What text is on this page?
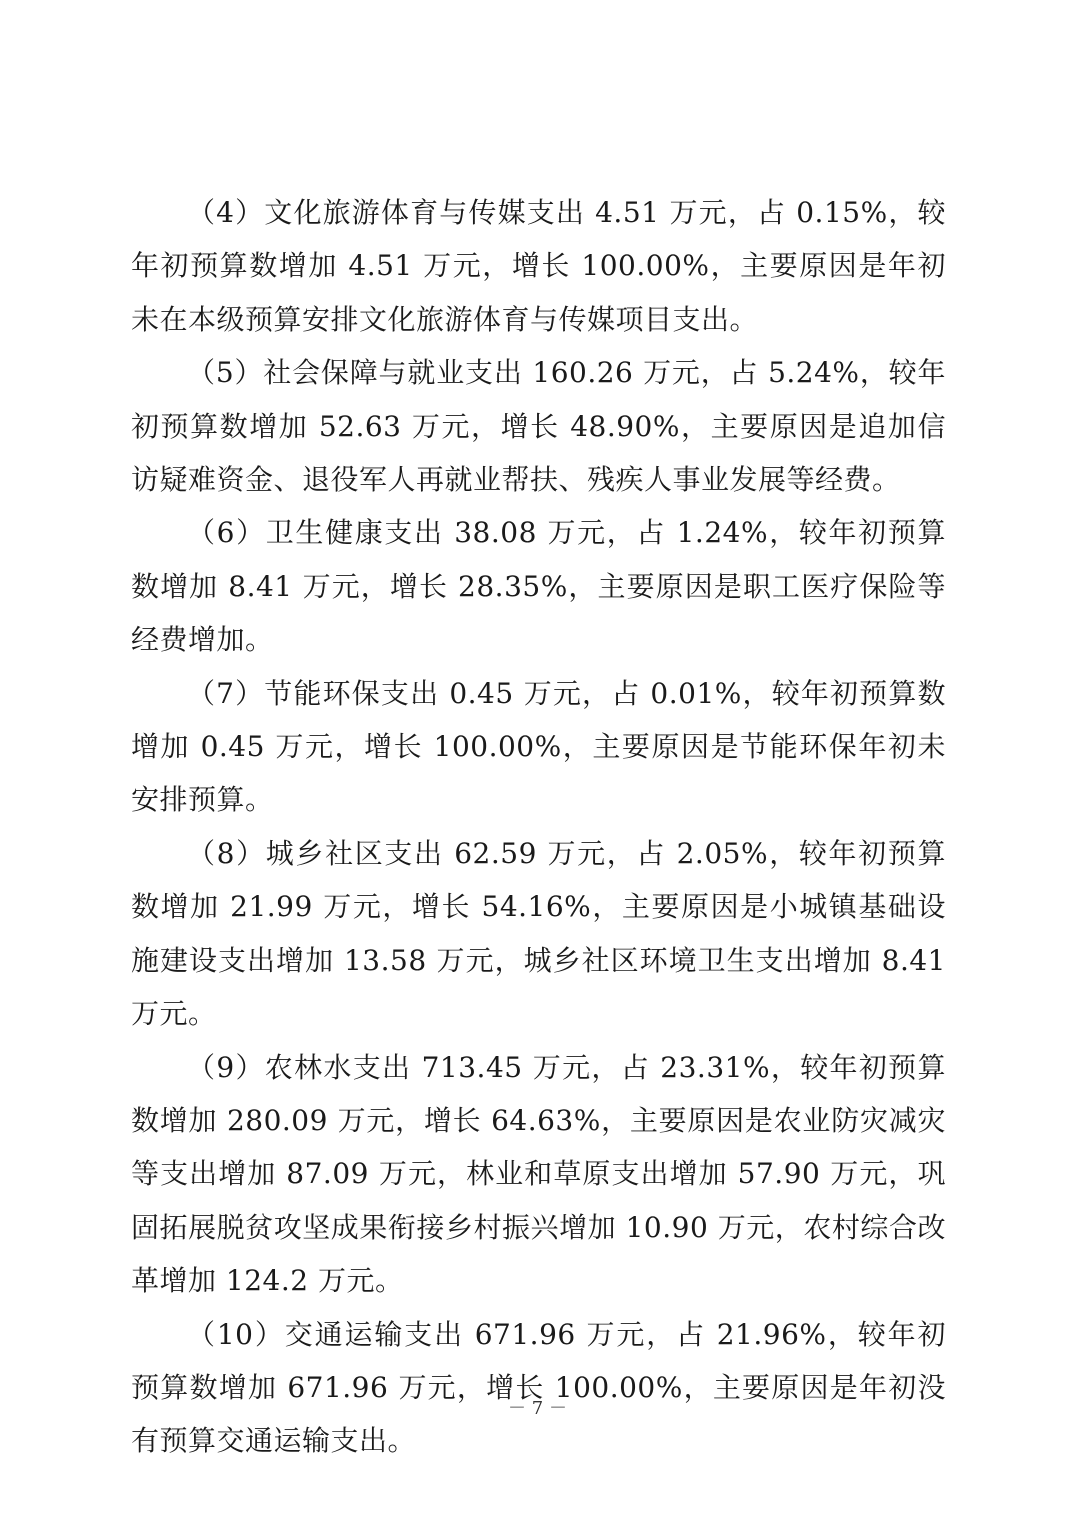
（4）文化旅游体育与传媒支出 4.51 万元，占 0.15%，较年初预算数增加 4.51 万元，增长 100.00%，主要原因是年初未在本级预算安排文化旅游体育与传媒项目支出。

（5）社会保障与就业支出 160.26 万元，占 5.24%，较年初预算数增加 52.63 万元，增长 48.90%，主要原因是追加信访疑难资金、退役军人再就业帮扶、残疾人事业发展等经费。

（6）卫生健康支出 38.08 万元，占 1.24%，较年初预算数增加 8.41 万元，增长 28.35%，主要原因是职工医疗保险等经费增加。

（7）节能环保支出 0.45 万元，占 0.01%，较年初预算数增加 0.45 万元，增长 100.00%，主要原因是节能环保年初未安排预算。

（8）城乡社区支出 62.59 万元，占 2.05%，较年初预算数增加 21.99 万元，增长 54.16%，主要原因是小城镇基础设施建设支出增加 13.58 万元，城乡社区环境卫生支出增加 8.41 万元。

（9）农林水支出 713.45 万元，占 23.31%，较年初预算数增加 280.09 万元，增长 64.63%，主要原因是农业防灾减灾等支出增加 87.09 万元，林业和草原支出增加 57.90 万元，巩固拓展脱贫攻坚成果衔接乡村振兴增加 10.90 万元，农村综合改革增加 124.2 万元。

（10）交通运输支出 671.96 万元，占 21.96%，较年初预算数增加 671.96 万元，增长 100.00%，主要原因是年初没有预算交通运输支出。

－ 7 －
